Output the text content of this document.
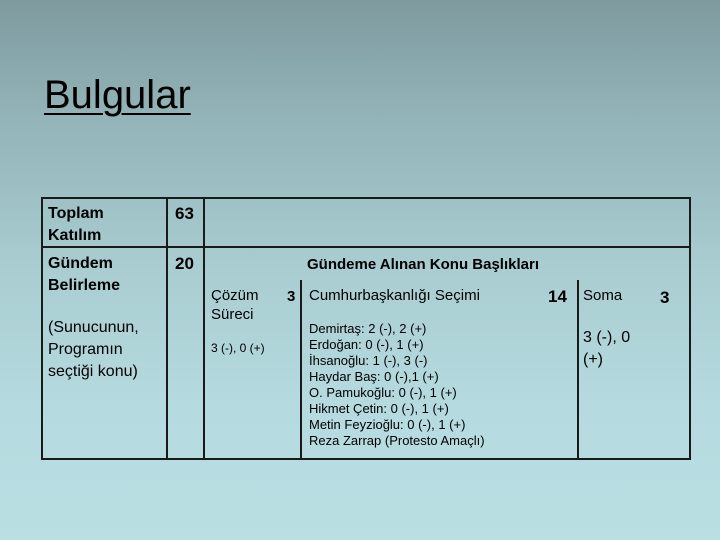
Bulgular
Toplam Katılım
63
Gündem Belirleme
(Sunucunun, Programın seçtiği konu)
20	Gündeme Alınan Konu Başlıkları
Çözüm Süreci
3 (-), 0 (+)
3 Cumhurbaşkanlığı Seçimi	14

Demirtaş: 2 (-), 2 (+)

Erdoğan: 0 (-), 1 (+)

İhsanoğlu: 1 (-), 3 (-)

Haydar Baş: 0 (-),1 (+)

O. Pamukoğlu: 0 (-), 1 (+)

Hikmet Çetin: 0 (-), 1 (+)

Metin Feyzioğlu: 0 (-), 1 (+)

Reza Zarrap (Protesto Amaçlı)

Soma
3 (-), 0 (+)
3
